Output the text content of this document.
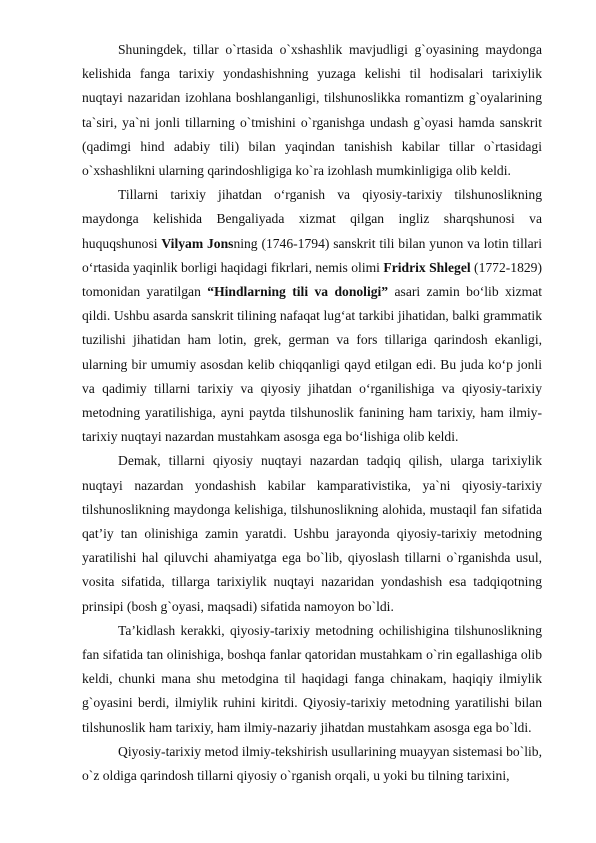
Shuningdek, tillar o`rtasida o`xshashlik mavjudligi g`oyasining maydonga kelishida fanga tarixiy yondashishning yuzaga kelishi til hodisalari tarixiylik nuqtayi nazaridan izohlana boshlanganligi, tilshunoslikka romantizm g`oyalarining ta`siri, ya`ni jonli tillarning o`tmishini o`rganishga undash g`oyasi hamda sanskrit (qadimgi hind adabiy tili) bilan yaqindan tanishish kabilar tillar o`rtasidagi o`xshashlikni ularning qarindoshligiga ko`ra izohlash mumkinligiga olib keldi.

Tillarni tarixiy jihatdan o‘rganish va qiyosiy-tarixiy tilshunoslikning maydonga kelishida Bengaliyada xizmat qilgan ingliz sharqshunosi va huquqshunosi Vilyam Jonsning (1746-1794) sanskrit tili bilan yunon va lotin tillari o‘rtasida yaqinlik borligi haqidagi fikrlari, nemis olimi Fridrix Shlegel (1772-1829) tomonidan yaratilgan “Hindlarning tili va donoligi” asari zamin bo‘lib xizmat qildi. Ushbu asarda sanskrit tilining nafaqat lug‘at tarkibi jihatidan, balki grammatik tuzilishi jihatidan ham lotin, grek, german va fors tillariga qarindosh ekanligi, ularning bir umumiy asosdan kelib chiqqanligi qayd etilgan edi. Bu juda ko‘p jonli va qadimiy tillarni tarixiy va qiyosiy jihatdan o‘rganilishiga va qiyosiy-tarixiy metodning yaratilishiga, ayni paytda tilshunoslik fanining ham tarixiy, ham ilmiy-tarixiy nuqtayi nazardan mustahkam asosga ega bo‘lishiga olib keldi.

Demak, tillarni qiyosiy nuqtayi nazardan tadqiq qilish, ularga tarixiylik nuqtayi nazardan yondashish kabilar kamparativistika, ya`ni qiyosiy-tarixiy tilshunoslikning maydonga kelishiga, tilshunoslikning alohida, mustaqil fan sifatida qat’iy tan olinishiga zamin yaratdi. Ushbu jarayonda qiyosiy-tarixiy metodning yaratilishi hal qiluvchi ahamiyatga ega bo`lib, qiyoslash tillarni o`rganishda usul, vosita sifatida, tillarga tarixiylik nuqtayi nazaridan yondashish esa tadqiqotning prinsipi (bosh g`oyasi, maqsadi) sifatida namoyon bo`ldi.

Ta’kidlash kerakki, qiyosiy-tarixiy metodning ochilishigina tilshunoslikning fan sifatida tan olinishiga, boshqa fanlar qatoridan mustahkam o`rin egallashiga olib keldi, chunki mana shu metodgina til haqidagi fanga chinakam, haqiqiy ilmiylik g`oyasini berdi, ilmiylik ruhini kiritdi. Qiyosiy-tarixiy metodning yaratilishi bilan tilshunoslik ham tarixiy, ham ilmiy-nazariy jihatdan mustahkam asosga ega bo`ldi.

Qiyosiy-tarixiy metod ilmiy-tekshirish usullarining muayyan sistemasi bo`lib, o`z oldiga qarindosh tillarni qiyosiy o`rganish orqali, u yoki bu tilning tarixini,
